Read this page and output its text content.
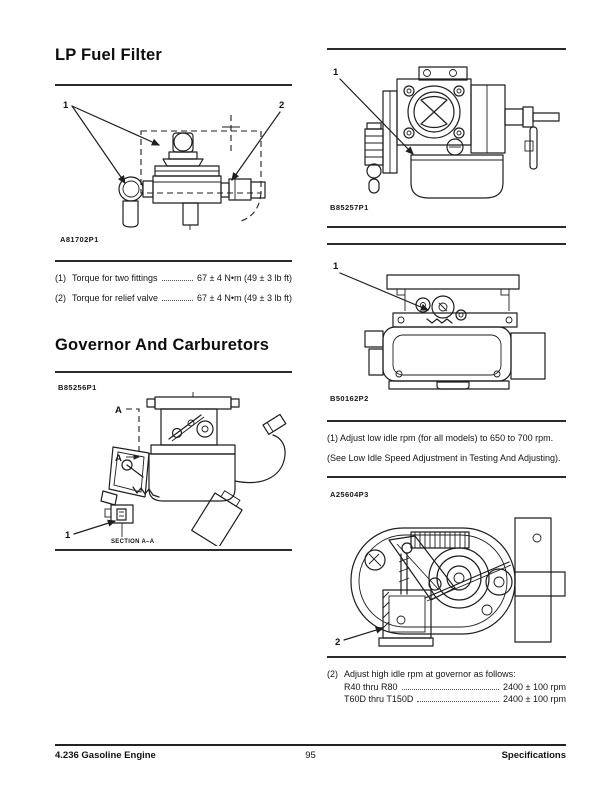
LP Fuel Filter
1	2
A81702P1
(1) Torque for two fittings	67 ± 4 N•m (49 ± 3 lb ft)
(2) Torque for relief valve	67 ± 4 N•m (49 ± 3 lb ft)
Governor And Carburetors
B85256P1
A
A
1
SECTION A–A
1
B85257P1
1
B50162P2
(1) Adjust low idle rpm (for all models) to 650 to 700 rpm.
(See Low Idle Speed Adjustment in Testing And Adjusting).
A25604P3
2
(2) Adjust high idle rpm at governor as follows:
R40 thru R80	2400 ± 100 rpm
T60D thru T150D	2400 ± 100 rpm
4.236 Gasoline Engine	95	Specifications
